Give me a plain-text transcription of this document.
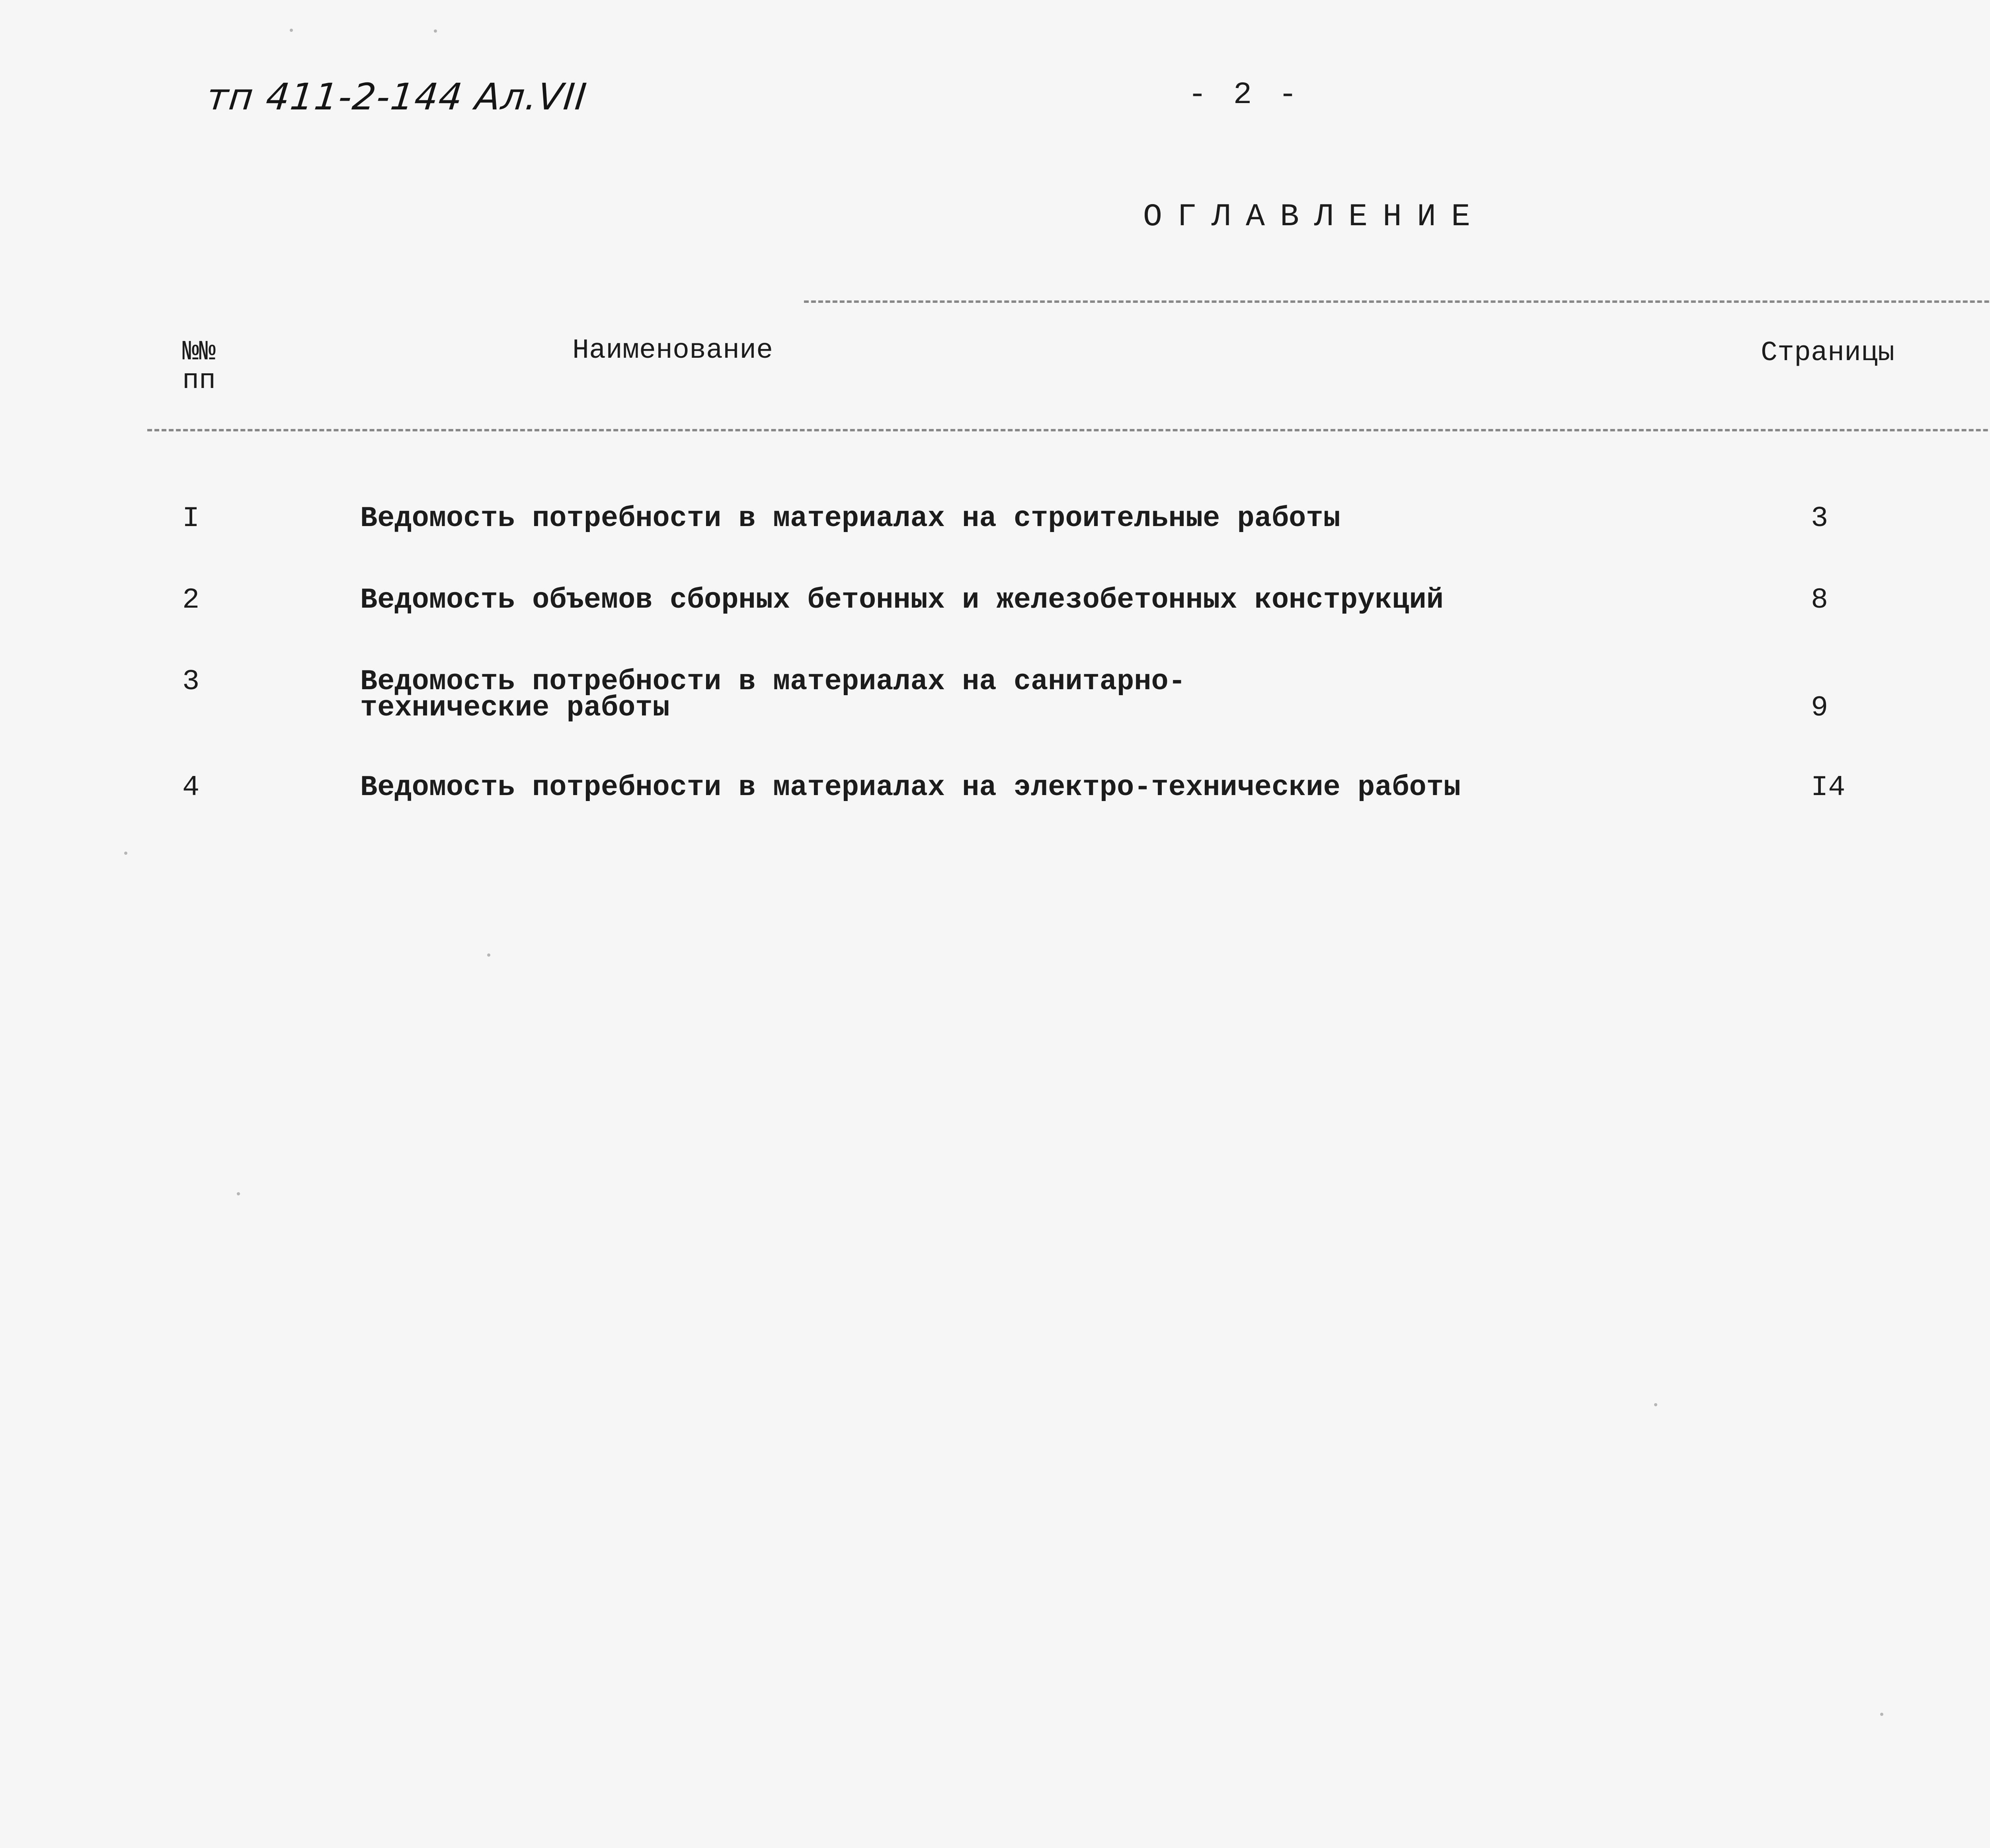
тп 411-2-144 Ал.VII	- 2 -
ОГЛАВЛЕНИЕ
№№
пп
Наименование	Страницы
I	Ведомость потребности в материалах на строительные работы	3
2	Ведомость объемов сборных бетонных и железобетонных конструкций	8
3	Ведомость потребности в материалах на санитарно-
технические работы	9
4	Ведомость потребности в материалах на электро-технические работы	I4
